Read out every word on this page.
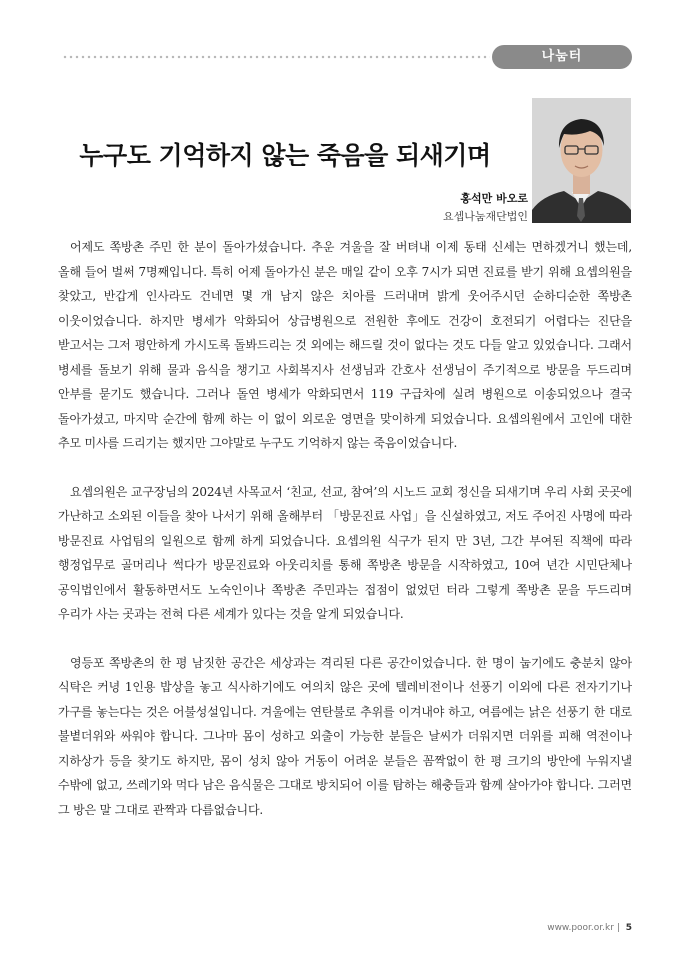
나눔터
누구도 기억하지 않는 죽음을 되새기며
홍석만 바오로
요셉나눔재단법인

어제도 쪽방촌 주민 한 분이 돌아가셨습니다. 추운 겨울을 잘 버텨내 이제 동태 신세는 면하겠거니 했는데, 올해 들어 벌써 7명째입니다. 특히 어제 돌아가신 분은 매일 같이 오후 7시가 되면 진료를 받기 위해 요셉의원을 찾았고, 반갑게 인사라도 건네면 몇 개 남지 않은 치아를 드러내며 밝게 웃어주시던 순하디순한 쪽방촌 이웃이었습니다. 하지만 병세가 악화되어 상급병원으로 전원한 후에도 건강이 호전되기 어렵다는 진단을 받고서는 그저 평안하게 가시도록 돌봐드리는 것 외에는 해드릴 것이 없다는 것도 다들 알고 있었습니다. 그래서 병세를 돌보기 위해 물과 음식을 챙기고 사회복지사 선생님과 간호사 선생님이 주기적으로 방문을 두드리며 안부를 묻기도 했습니다. 그러나 돌연 병세가 악화되면서 119 구급차에 실려 병원으로 이송되었으나 결국 돌아가셨고, 마지막 순간에 함께 하는 이 없이 외로운 영면을 맞이하게 되었습니다. 요셉의원에서 고인에 대한 추모 미사를 드리기는 했지만 그야말로 누구도 기억하지 않는 죽음이었습니다.

요셉의원은 교구장님의 2024년 사목교서 ‘친교, 선교, 참여’의 시노드 교회 정신을 되새기며 우리 사회 곳곳에 가난하고 소외된 이들을 찾아 나서기 위해 올해부터 「방문진료 사업」을 신설하였고, 저도 주어진 사명에 따라 방문진료 사업팀의 일원으로 함께 하게 되었습니다. 요셉의원 식구가 된지 만 3년, 그간 부여된 직책에 따라 행정업무로 골머리나 썩다가 방문진료와 아웃리치를 통해 쪽방촌 방문을 시작하였고, 10여 년간 시민단체나 공익법인에서 활동하면서도 노숙인이나 쪽방촌 주민과는 접점이 없었던 터라 그렇게 쪽방촌 문을 두드리며 우리가 사는 곳과는 전혀 다른 세계가 있다는 것을 알게 되었습니다.

영등포 쪽방촌의 한 평 남짓한 공간은 세상과는 격리된 다른 공간이었습니다. 한 명이 눕기에도 충분치 않아 식탁은 커녕 1인용 밥상을 놓고 식사하기에도 여의치 않은 곳에 텔레비전이나 선풍기 이외에 다른 전자기기나 가구를 놓는다는 것은 어불성설입니다. 겨울에는 연탄불로 추위를 이겨내야 하고, 여름에는 낡은 선풍기 한 대로 불볕더위와 싸워야 합니다. 그나마 몸이 성하고 외출이 가능한 분들은 날씨가 더워지면 더위를 피해 역전이나 지하상가 등을 찾기도 하지만, 몸이 성치 않아 거동이 어려운 분들은 꼼짝없이 한 평 크기의 방안에 누워지낼 수밖에 없고, 쓰레기와 먹다 남은 음식물은 그대로 방치되어 이를 탐하는 해충들과 함께 살아가야 합니다. 그러면 그 방은 말 그대로 관짝과 다름없습니다.

www.poor.or.kr | 5
